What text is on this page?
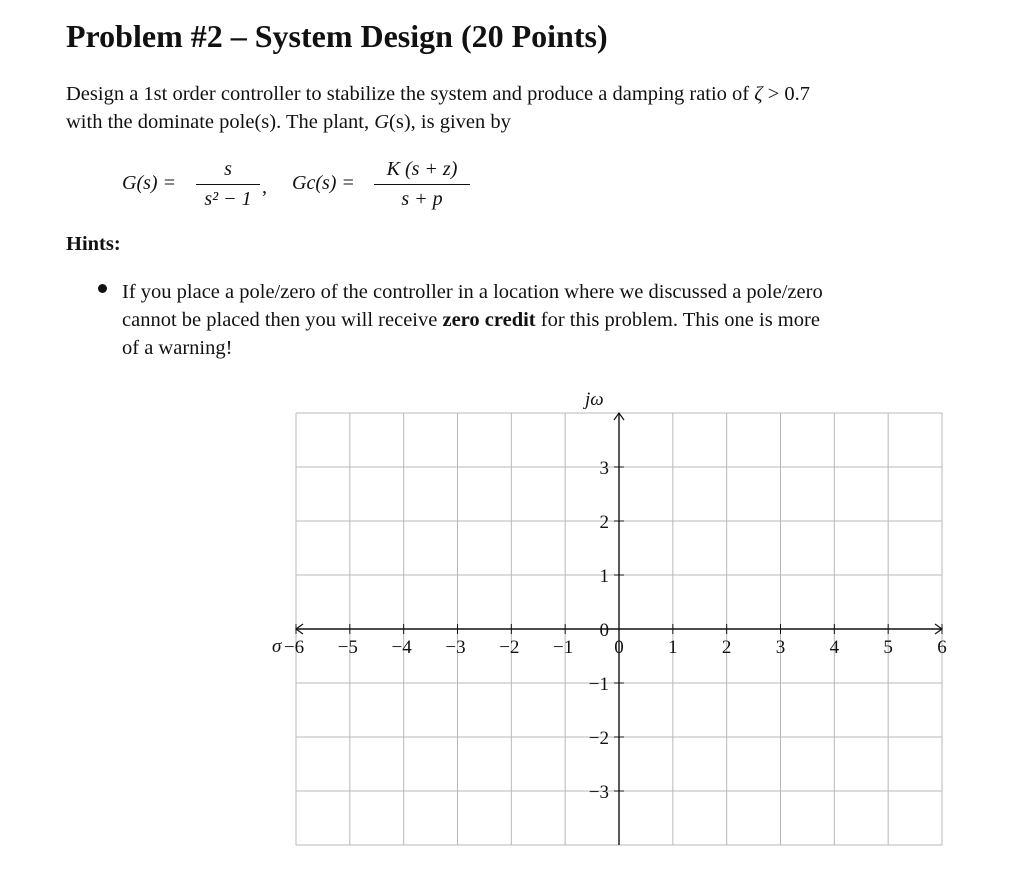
Problem #2 – System Design (20 Points)

Design a 1st order controller to stabilize the system and produce a damping ratio of ζ > 0.7

with the dominate pole(s). The plant, G(s), is given by

G(s) =
s
s² − 1
, Gc(s) =
K (s + z)
s + p
Hints:

If you place a pole/zero of the controller in a location where we discussed a pole/zero

cannot be placed then you will receive zero credit for this problem. This one is more

of a warning!

jω
σ −6 −5 −4 −3 −2 −1 0 1 2 3 4 5 6
3
2
1
0
−1
−2
−3
